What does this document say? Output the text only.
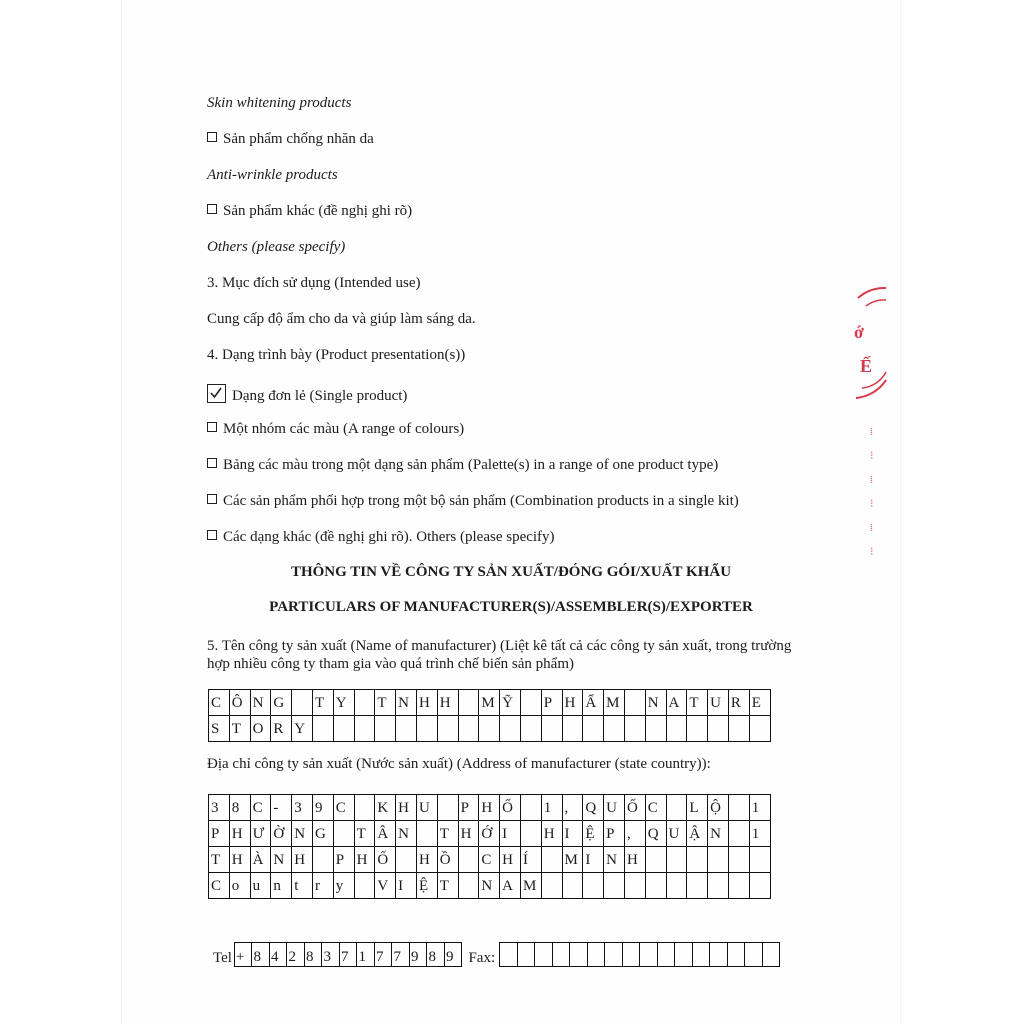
Skin whitening products
Sản phẩm chống nhăn da
Anti-wrinkle products
Sản phẩm khác (đề nghị ghi rõ)
Others (please specify)
3. Mục đích sử dụng (Intended use)
Cung cấp độ ẩm cho da và giúp làm sáng da.
4. Dạng trình bày (Product presentation(s))
Dạng đơn lẻ (Single product)
Một nhóm các màu (A range of colours)
Bảng các màu trong một dạng sản phẩm (Palette(s) in a range of one product type)
Các sản phẩm phối hợp trong một bộ sản phẩm (Combination products in a single kit)
Các dạng khác (đề nghị ghi rõ). Others (please specify)
THÔNG TIN VỀ CÔNG TY SẢN XUẤT/ĐÓNG GÓI/XUẤT KHẨU
PARTICULARS OF MANUFACTURER(S)/ASSEMBLER(S)/EXPORTER
5. Tên công ty sản xuất (Name of manufacturer) (Liệt kê tất cả các công ty sản xuất, trong trường hợp nhiều công ty tham gia vào quá trình chế biến sản phẩm)
C Ô N G	T Y	T N H H	M Ỹ	P H Ẩ M	N A T U R E
S T O R Y
Địa chỉ công ty sản xuất (Nước sản xuất) (Address of manufacturer (state country)):
3 8 C -	3 9 C	K H U	P H Ố	1 ,	Q U Ố C	L Ộ	1
P H Ư Ờ N G	T Â N	T H Ớ I	H I	Ệ P ,	Q U Ậ N	1
T H À N H	P H Ố	H Ồ	C H Í	M I	N H
C o u n t	r	y	V I	Ệ T	N A M
Tel + 8 4 2 8 3 7 1 7 7 9 8 9	Fax:
ớ
Ế
⁞
⁝
⁞
⁝
⁞
⁝
